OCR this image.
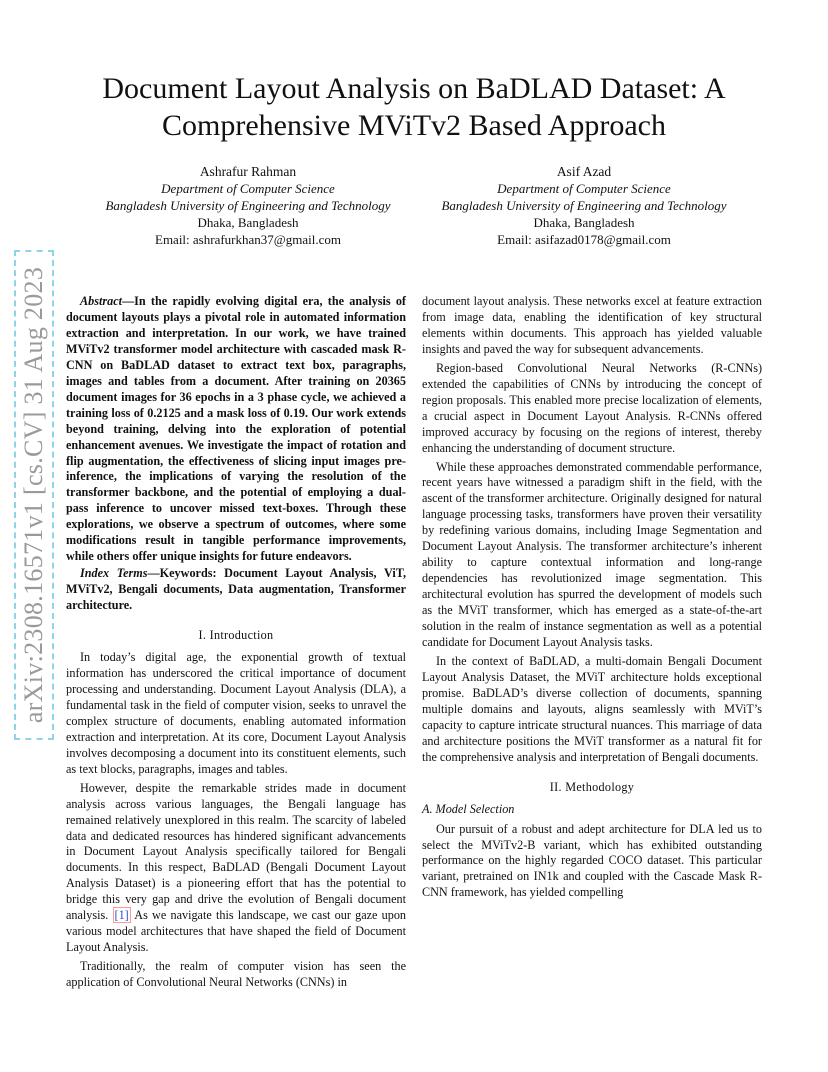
arXiv:2308.16571v1 [cs.CV] 31 Aug 2023
Document Layout Analysis on BaDLAD Dataset: A Comprehensive MViTv2 Based Approach
Ashrafur Rahman
Department of Computer Science
Bangladesh University of Engineering and Technology
Dhaka, Bangladesh
Email: ashrafurkhan37@gmail.com
Asif Azad
Department of Computer Science
Bangladesh University of Engineering and Technology
Dhaka, Bangladesh
Email: asifazad0178@gmail.com

Abstract—In the rapidly evolving digital era, the analysis of document layouts plays a pivotal role in automated information extraction and interpretation. In our work, we have trained MViTv2 transformer model architecture with cascaded mask R-CNN on BaDLAD dataset to extract text box, paragraphs, images and tables from a document. After training on 20365 document images for 36 epochs in a 3 phase cycle, we achieved a training loss of 0.2125 and a mask loss of 0.19. Our work extends beyond training, delving into the exploration of potential enhancement avenues. We investigate the impact of rotation and flip augmentation, the effectiveness of slicing input images pre-inference, the implications of varying the resolution of the transformer backbone, and the potential of employing a dual-pass inference to uncover missed text-boxes. Through these explorations, we observe a spectrum of outcomes, where some modifications result in tangible performance improvements, while others offer unique insights for future endeavors.

Index Terms—Keywords: Document Layout Analysis, ViT, MViTv2, Bengali documents, Data augmentation, Transformer architecture.

I. Introduction

In today’s digital age, the exponential growth of textual information has underscored the critical importance of document processing and understanding. Document Layout Analysis (DLA), a fundamental task in the field of computer vision, seeks to unravel the complex structure of documents, enabling automated information extraction and interpretation. At its core, Document Layout Analysis involves decomposing a document into its constituent elements, such as text blocks, paragraphs, images and tables.

However, despite the remarkable strides made in document analysis across various languages, the Bengali language has remained relatively unexplored in this realm. The scarcity of labeled data and dedicated resources has hindered significant advancements in Document Layout Analysis specifically tailored for Bengali documents. In this respect, BaDLAD (Bengali Document Layout Analysis Dataset) is a pioneering effort that has the potential to bridge this very gap and drive the evolution of Bengali document analysis. [1] As we navigate this landscape, we cast our gaze upon various model architectures that have shaped the field of Document Layout Analysis.

Traditionally, the realm of computer vision has seen the application of Convolutional Neural Networks (CNNs) in

document layout analysis. These networks excel at feature extraction from image data, enabling the identification of key structural elements within documents. This approach has yielded valuable insights and paved the way for subsequent advancements.

Region-based Convolutional Neural Networks (R-CNNs) extended the capabilities of CNNs by introducing the concept of region proposals. This enabled more precise localization of elements, a crucial aspect in Document Layout Analysis. R-CNNs offered improved accuracy by focusing on the regions of interest, thereby enhancing the understanding of document structure.

While these approaches demonstrated commendable performance, recent years have witnessed a paradigm shift in the field, with the ascent of the transformer architecture. Originally designed for natural language processing tasks, transformers have proven their versatility by redefining various domains, including Image Segmentation and Document Layout Analysis. The transformer architecture’s inherent ability to capture contextual information and long-range dependencies has revolutionized image segmentation. This architectural evolution has spurred the development of models such as the MViT transformer, which has emerged as a state-of-the-art solution in the realm of instance segmentation as well as a potential candidate for Document Layout Analysis tasks.

In the context of BaDLAD, a multi-domain Bengali Document Layout Analysis Dataset, the MViT architecture holds exceptional promise. BaDLAD’s diverse collection of documents, spanning multiple domains and layouts, aligns seamlessly with MViT’s capacity to capture intricate structural nuances. This marriage of data and architecture positions the MViT transformer as a natural fit for the comprehensive analysis and interpretation of Bengali documents.

II. Methodology

A. Model Selection

Our pursuit of a robust and adept architecture for DLA led us to select the MViTv2-B variant, which has exhibited outstanding performance on the highly regarded COCO dataset. This particular variant, pretrained on IN1k and coupled with the Cascade Mask R-CNN framework, has yielded compelling
